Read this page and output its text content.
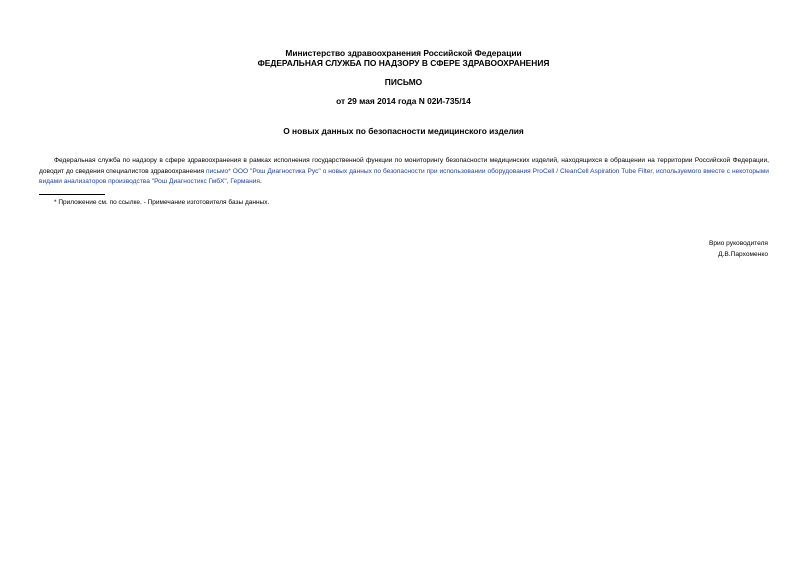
Министерство здравоохранения Российской Федерации
ФЕДЕРАЛЬНАЯ СЛУЖБА ПО НАДЗОРУ В СФЕРЕ ЗДРАВООХРАНЕНИЯ
ПИСЬМО
от 29 мая 2014 года N 02И-735/14
О новых данных по безопасности медицинского изделия

Федеральная служба по надзору в сфере здравоохранения в рамках исполнения государственной функции по мониторингу безопасности медицинских изделий, находящихся в обращении на территории Российской Федерации, доводит до сведения специалистов здравоохранения письмо* ООО "Рош Диагностика Рус" о новых данных по безопасности при использовании оборудования ProCell / CleanCell Aspiration Tube Filter, используемого вместе с некоторыми видами анализаторов производства "Рош Диагностикс ГмбХ", Германия.

* Приложение см. по ссылке. - Примечание изготовителя базы данных.
Врио руководителя
Д.В.Пархоменко
